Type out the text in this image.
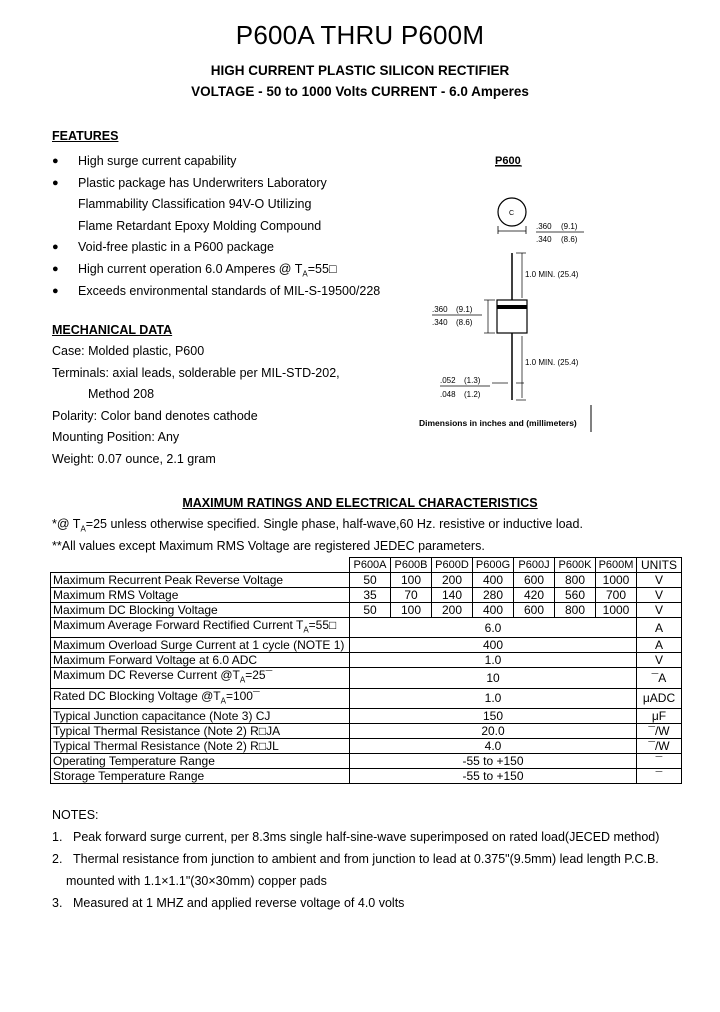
P600A THRU P600M
HIGH CURRENT PLASTIC SILICON RECTIFIER
VOLTAGE - 50 to 1000 Volts CURRENT - 6.0 Amperes
FEATURES
● High surge current capability
● Plastic package has Underwriters Laboratory
Flammability Classification 94V-O Utilizing
Flame Retardant Epoxy Molding Compound
● Void-free plastic in a P600 package
● High current operation 6.0 Amperes @ $T_A=55□$
● Exceeds environmental standards of MIL-S-19500/228
MECHANICAL DATA
Case: Molded plastic, P600
Terminals: axial leads, solderable per MIL-STD-202,
Method 208
Polarity: Color band denotes cathode
Mounting Position: Any
Weight: 0.07 ounce, 2.1 gram
P600
C
.360 (9.1)
.340 (8.6)
1.0 MIN. (25.4)
.360 (9.1)
.340 (8.6)
1.0 MIN. (25.4)
.052 (1.3)
.048 (1.2)
Dimensions in inches and (millimeters)
MAXIMUM RATINGS AND ELECTRICAL CHARACTERISTICS
*@ $T_A=25$ unless otherwise specified. Single phase, half-wave,60 Hz. resistive or inductive load.
**All values except Maximum RMS Voltage are registered JEDEC parameters.
	P600A	P600B	P600D	P600G	P600J	P600K	P600M	UNITS
Maximum Recurrent Peak Reverse Voltage	50	100	200	400	600	800	1000	V
Maximum RMS Voltage	35	70	140	280	420	560	700	V
Maximum DC Blocking Voltage	50	100	200	400	600	800	1000	V
Maximum Average Forward Rectified Current $T_A=55□$	6.0							A
Maximum Overload Surge Current at 1 cycle (NOTE 1)	400							A
Maximum Forward Voltage at 6.0 ADC	1.0							V
Maximum DC Reverse Current $@T_A=25¯$	10							¯A
Rated DC Blocking Voltage $@T_A=100¯$	1.0							μADC
Typical Junction capacitance (Note 3) CJ	150							μF
Typical Thermal Resistance (Note 2) R□JA	20.0							¯/W
Typical Thermal Resistance (Note 2) R□JL	4.0							¯/W
Operating Temperature Range	-55 to +150							¯
Storage Temperature Range	-55 to +150							¯
NOTES:
1. Peak forward surge current, per 8.3ms single half-sine-wave superimposed on rated load(JECED method)
2. Thermal resistance from junction to ambient and from junction to lead at 0.375"(9.5mm) lead length P.C.B.
mounted with 1.1×1.1"(30×30mm) copper pads
3. Measured at 1 MHZ and applied reverse voltage of 4.0 volts
